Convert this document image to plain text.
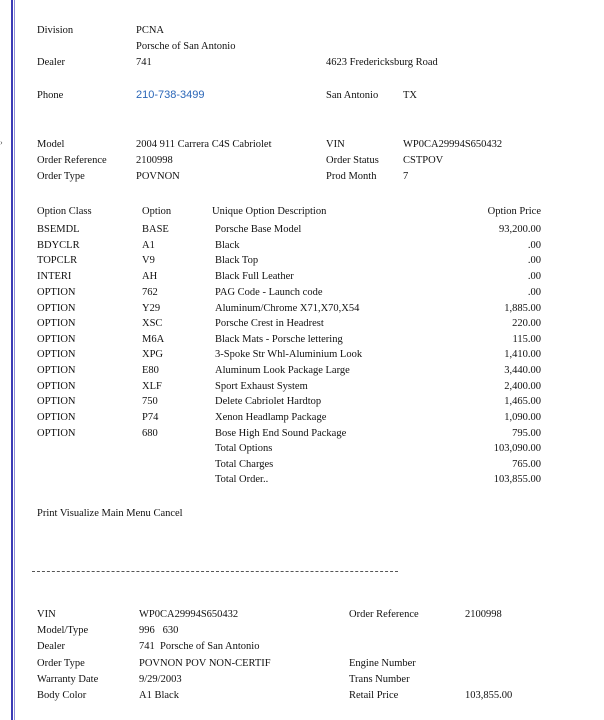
›
Division	PCNA
Porsche of San Antonio
Dealer	741	4623 Fredericksburg Road
Phone	210-738-3499	San Antonio TX
Model	2004 911 Carrera C4S Cabriolet	VIN	WP0CA29994S650432
Order Reference	2100998	Order Status CSTPOV
Order Type	POVNON	Prod Month	7
Option Class	Option	Unique Option Description	Option Price
BSEMDL	BASE	Porsche Base Model	93,200.00
BDYCLR	A1	Black	.00
TOPCLR	V9	Black Top	.00
INTERI	AH	Black Full Leather	.00
OPTION	762	PAG Code - Launch code	.00
OPTION	Y29	Aluminum/Chrome X71,X70,X54	1,885.00
OPTION	XSC	Porsche Crest in Headrest	220.00
OPTION	M6A	Black Mats - Porsche lettering	115.00
OPTION	XPG	3-Spoke Str Whl-Aluminium Look	1,410.00
OPTION	E80	Aluminum Look Package Large	3,440.00
OPTION	XLF	Sport Exhaust System	2,400.00
OPTION	750	Delete Cabriolet Hardtop	1,465.00
OPTION	P74	Xenon Headlamp Package	1,090.00
OPTION	680	Bose High End Sound Package	795.00
Total Options	103,090.00
Total Charges	765.00
Total Order..	103,855.00
Print Visualize Main Menu Cancel
VIN	WP0CA29994S650432	Order Reference	2100998
Model/Type	996   630
Dealer	741  Porsche of San Antonio
Order Type	POVNON POV NON-CERTIF	Engine Number
Warranty Date	9/29/2003	Trans Number
Body Color	A1 Black	Retail Price	103,855.00
